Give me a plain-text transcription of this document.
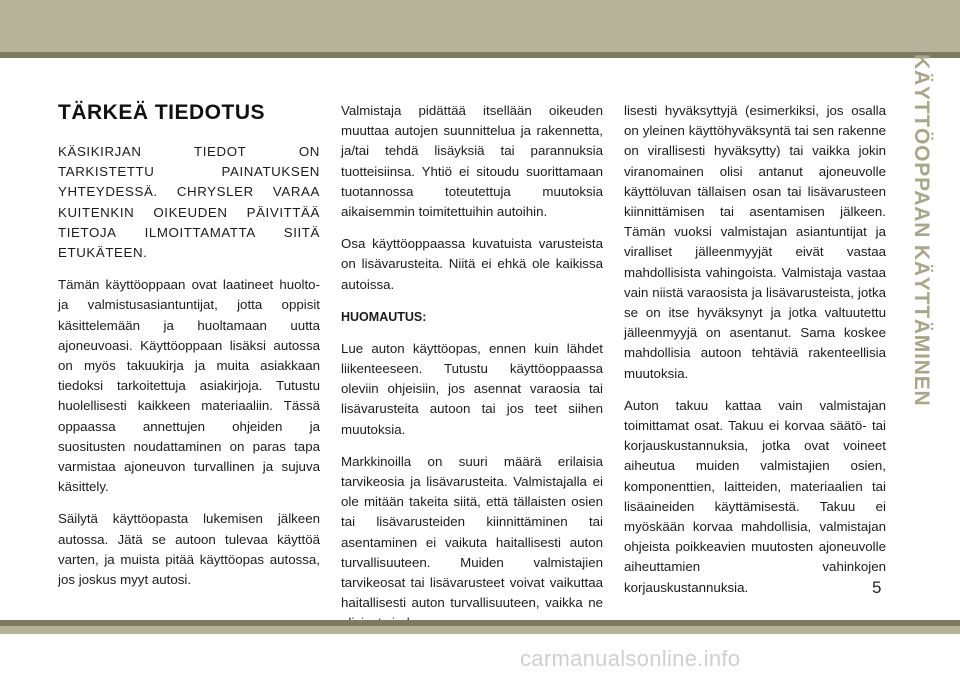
TÄRKEÄ TIEDOTUS

KÄSIKIRJAN TIEDOT ON TARKISTETTU PAINATUKSEN YHTEYDESSÄ. CHRYSLER VARAA KUITENKIN OIKEUDEN PÄIVITTÄÄ TIETOJA ILMOITTAMATTA SIITÄ ETUKÄTEEN.

Tämän käyttöoppaan ovat laatineet huolto- ja valmistusasiantuntijat, jotta oppisit käsittelemään ja huoltamaan uutta ajoneuvoasi. Käyttöoppaan lisäksi autossa on myös takuukirja ja muita asiakkaan tiedoksi tarkoitettuja asiakirjoja. Tutustu huolellisesti kaikkeen materiaaliin. Tässä oppaassa annettujen ohjeiden ja suositusten noudattaminen on paras tapa varmistaa ajoneuvon turvallinen ja sujuva käsittely.

Säilytä käyttöopasta lukemisen jälkeen autossa. Jätä se autoon tulevaa käyttöä varten, ja muista pitää käyttöopas autossa, jos joskus myyt autosi.

Valmistaja pidättää itsellään oikeuden muuttaa autojen suunnittelua ja rakennetta, ja/tai tehdä lisäyksiä tai parannuksia tuotteisiinsa. Yhtiö ei sitoudu suorittamaan tuotannossa toteutettuja muutoksia aikaisemmin toimitettuihin autoihin.

Osa käyttöoppaassa kuvatuista varusteista on lisävarusteita. Niitä ei ehkä ole kaikissa autoissa.

HUOMAUTUS:

Lue auton käyttöopas, ennen kuin lähdet liikenteeseen. Tutustu käyttöoppaassa oleviin ohjeisiin, jos asennat varaosia tai lisävarusteita autoon tai jos teet siihen muutoksia.

Markkinoilla on suuri määrä erilaisia tarvikeosia ja lisävarusteita. Valmistajalla ei ole mitään takeita siitä, että tällaisten osien tai lisävarusteiden kiinnittäminen tai asentaminen ei vaikuta haitallisesti auton turvallisuuteen. Muiden valmistajien tarvikeosat tai lisävarusteet voivat vaikuttaa haitallisesti auton turvallisuuteen, vaikka ne

lisesti hyväksyttyjä (esimerkiksi, jos osalla on yleinen käyttöhyväksyntä tai sen rakenne on virallisesti hyväksytty) tai vaikka jokin viranomainen olisi antanut ajoneuvolle käyttöluvan tällaisen osan tai lisävarusteen kiinnittämisen tai asentamisen jälkeen. Tämän vuoksi valmistajan asiantuntijat ja viralliset jälleenmyyjät eivät vastaa mahdollisista vahingoista. Valmistaja vastaa vain niistä varaosista ja lisävarusteista, jotka se on itse hyväksynyt ja jotka valtuutettu jälleenmyyjä on asentanut. Sama koskee mahdollisia autoon tehtäviä rakenteellisia muutoksia.

Auton takuu kattaa vain valmistajan toimittamat osat. Takuu ei korvaa säätö- tai korjauskustannuksia, jotka ovat voineet aiheutua muiden valmistajien osien, komponenttien, laitteiden, materiaalien tai lisäaineiden käyttämisestä. Takuu ei myöskään korvaa mahdollisia, valmistajan ohjeista poikkeavien muutosten ajoneuvolle aiheuttamien vahinkojen korjauskustannuksia.

KÄYTTÖOPPAAN KÄYTTÄMINEN
5
carmanualsonline.info
